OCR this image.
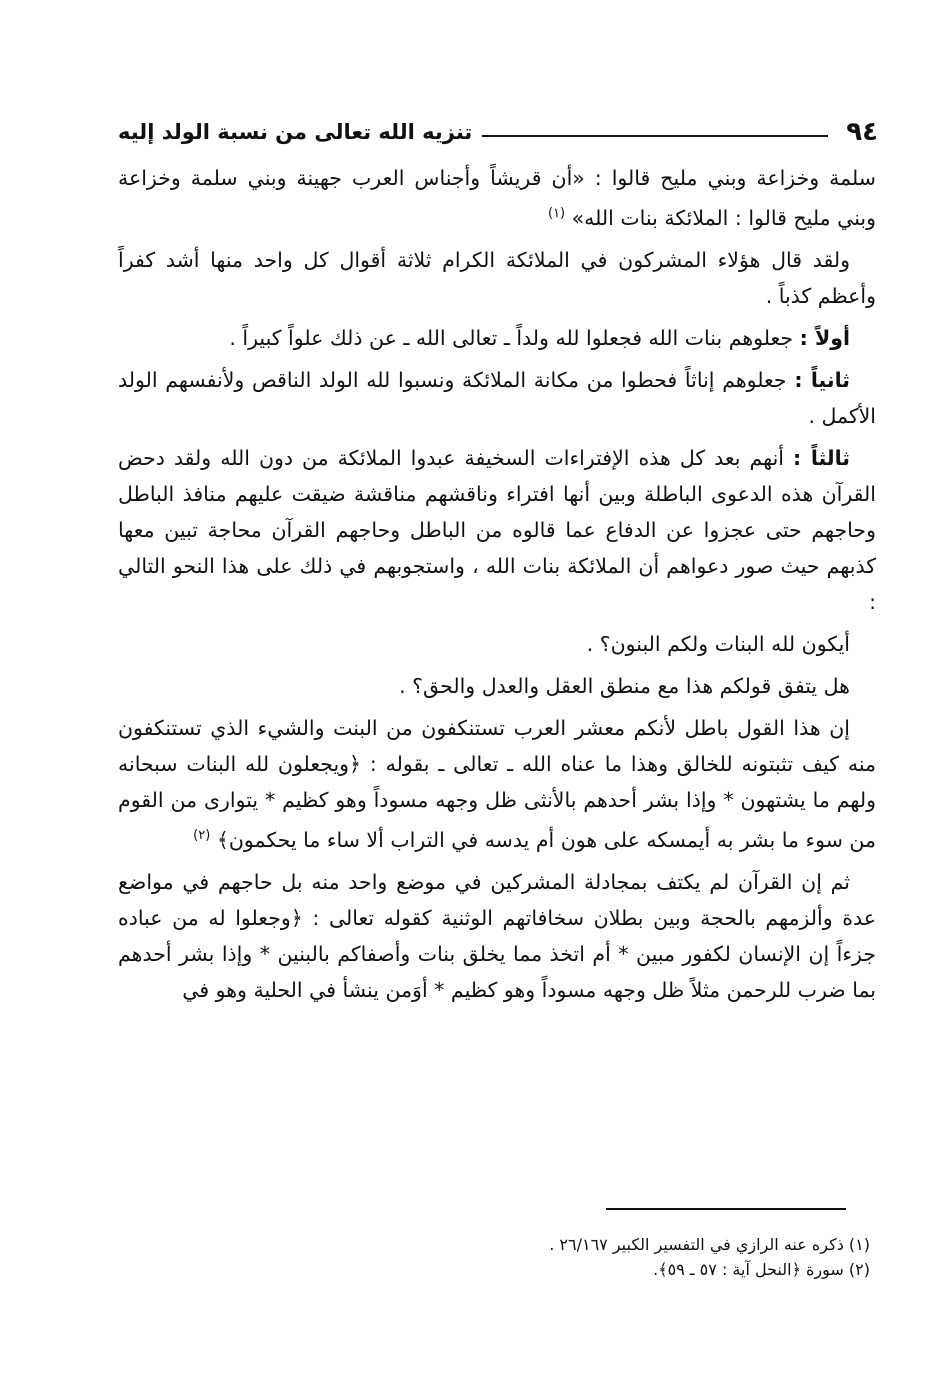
٩٤
تنزيه الله تعالى من نسبة الولد إليه

سلمة وخزاعة وبني مليح قالوا : «أن قريشاً وأجناس العرب جهينة وبني سلمة وخزاعة وبني مليح قالوا : الملائكة بنات الله» $^{(١)}$

ولقد قال هؤلاء المشركون في الملائكة الكرام ثلاثة أقوال كل واحد منها أشد كفراً وأعظم كذباً .

أولاً : جعلوهم بنات الله فجعلوا لله ولداً ـ تعالى الله ـ عن ذلك علواً كبيراً .

ثانياً : جعلوهم إناثاً فحطوا من مكانة الملائكة ونسبوا لله الولد الناقص ولأنفسهم الولد الأكمل .

ثالثاً : أنهم بعد كل هذه الإفتراءات السخيفة عبدوا الملائكة من دون الله ولقد دحض القرآن هذه الدعوى الباطلة وبين أنها افتراء وناقشهم مناقشة ضيقت عليهم منافذ الباطل وحاجهم حتى عجزوا عن الدفاع عما قالوه من الباطل وحاجهم القرآن محاجة تبين معها كذبهم حيث صور دعواهم أن الملائكة بنات الله ، واستجوبهم في ذلك على هذا النحو التالي :

أيكون لله البنات ولكم البنون؟ .

هل يتفق قولكم هذا مع منطق العقل والعدل والحق؟ .

إن هذا القول باطل لأنكم معشر العرب تستنكفون من البنت والشيء الذي تستنكفون منه كيف تثبتونه للخالق وهذا ما عناه الله ـ تعالى ـ بقوله : ﴿ويجعلون لله البنات سبحانه ولهم ما يشتهون * وإذا بشر أحدهم بالأنثى ظل وجهه مسوداً وهو كظيم * يتوارى من القوم من سوء ما بشر به أيمسكه على هون أم يدسه في التراب ألا ساء ما يحكمون﴾ $^{(٢)}$

ثم إن القرآن لم يكتف بمجادلة المشركين في موضع واحد منه بل حاجهم في مواضع عدة وألزمهم بالحجة وبين بطلان سخافاتهم الوثنية كقوله تعالى : ﴿وجعلوا له من عباده جزءاً إن الإنسان لكفور مبين * أم اتخذ مما يخلق بنات وأصفاكم بالبنين * وإذا بشر أحدهم بما ضرب للرحمن مثلاً ظل وجهه مسوداً وهو كظيم * أوَمن ينشأ في الحلية وهو في

(١) ذكره عنه الرازي في التفسير الكبير ٢٦/١٦٧ .
(٢) سورة ﴿النحل آية : ٥٧ ـ ٥٩﴾.
